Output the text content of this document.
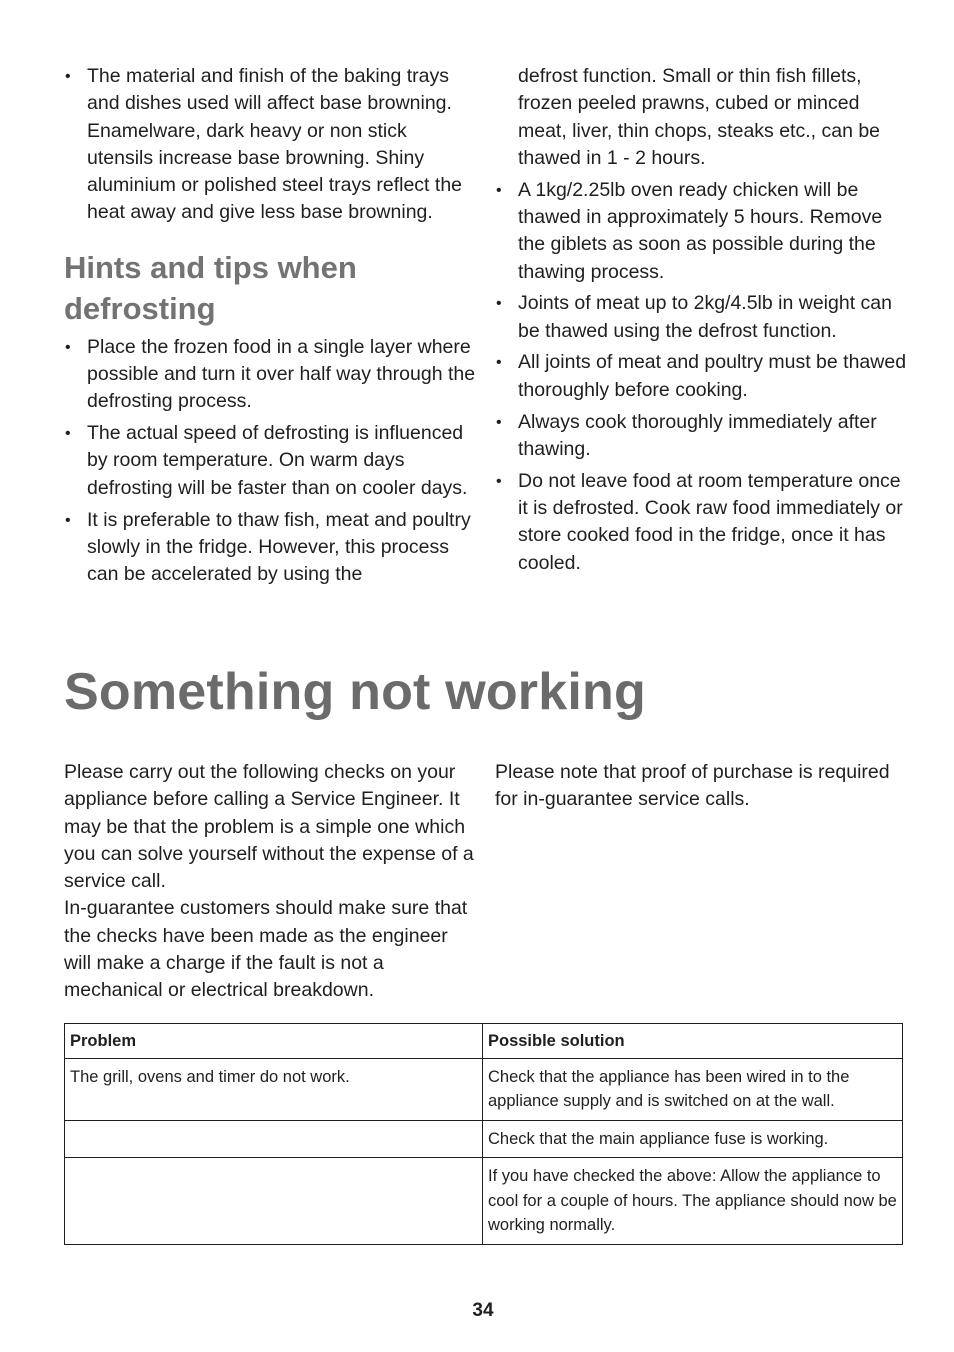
• The material and finish of the baking trays and dishes used will affect base browning. Enamelware, dark heavy or non stick utensils increase base browning. Shiny aluminium or polished steel trays reflect the heat away and give less base browning.
Hints and tips when defrosting
• Place the frozen food in a single layer where possible and turn it over half way through the defrosting process.
• The actual speed of defrosting is influenced by room temperature. On warm days defrosting will be faster than on cooler days.
• It is preferable to thaw fish, meat and poultry slowly in the fridge. However, this process can be accelerated by using the

defrost function. Small or thin fish fillets, frozen peeled prawns, cubed or minced meat, liver, thin chops, steaks etc., can be thawed in 1 - 2 hours.

• A 1kg/2.25lb oven ready chicken will be thawed in approximately 5 hours. Remove the giblets as soon as possible during the thawing process.
• Joints of meat up to 2kg/4.5lb in weight can be thawed using the defrost function.
• All joints of meat and poultry must be thawed thoroughly before cooking.
• Always cook thoroughly immediately after thawing.
• Do not leave food at room temperature once it is defrosted. Cook raw food immediately or store cooked food in the fridge, once it has cooled.
Something not working

Please carry out the following checks on your appliance before calling a Service Engineer. It may be that the problem is a simple one which you can solve yourself without the expense of a service call.

In-guarantee customers should make sure that the checks have been made as the engineer will make a charge if the fault is not a mechanical or electrical breakdown.

Please note that proof of purchase is required for in-guarantee service calls.

Problem	Possible solution
The grill, ovens and timer do not work.	Check that the appliance has been wired in to the appliance supply and is switched on at the wall.
	Check that the main appliance fuse is working.
	If you have checked the above: Allow the appliance to cool for a couple of hours. The appliance should now be working normally.
34
